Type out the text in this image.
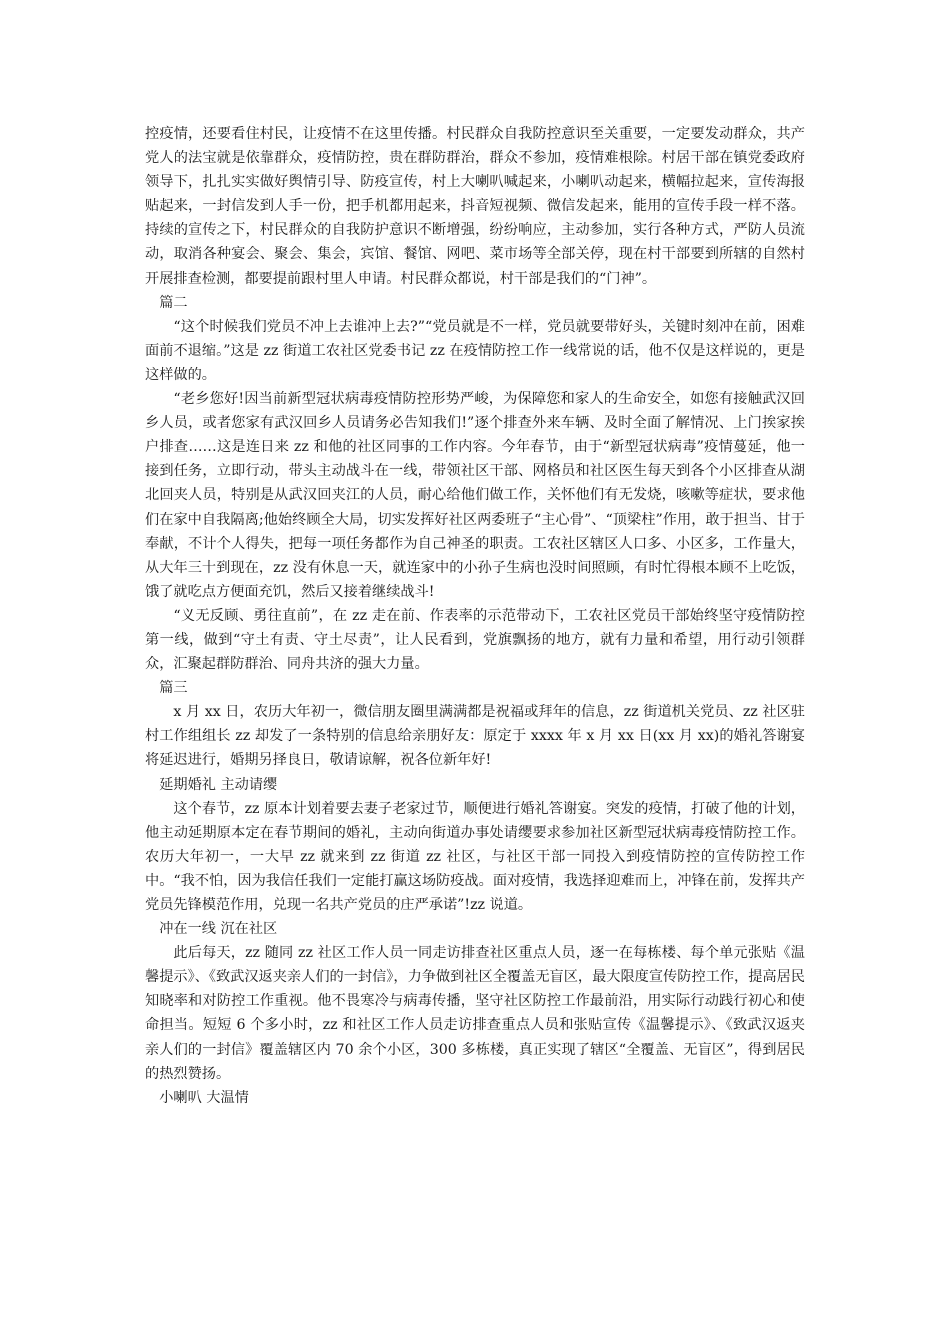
控疫情，还要看住村民，让疫情不在这里传播。村民群众自我防控意识至关重要，一定要发动群众，共产党人的法宝就是依靠群众，疫情防控，贵在群防群治，群众不参加，疫情难根除。村居干部在镇党委政府领导下，扎扎实实做好舆情引导、防疫宣传，村上大喇叭喊起来，小喇叭动起来，横幅拉起来，宣传海报贴起来，一封信发到人手一份，把手机都用起来，抖音短视频、微信发起来，能用的宣传手段一样不落。持续的宣传之下，村民群众的自我防护意识不断增强，纷纷响应，主动参加，实行各种方式，严防人员流动，取消各种宴会、聚会、集会，宾馆、餐馆、网吧、菜市场等全部关停，现在村干部要到所辖的自然村开展排查检测，都要提前跟村里人申请。村民群众都说，村干部是我们的“门神”。

篇二

“这个时候我们党员不冲上去谁冲上去?”“党员就是不一样，党员就要带好头，关键时刻冲在前，困难面前不退缩。”这是 zz 街道工农社区党委书记 zz 在疫情防控工作一线常说的话，他不仅是这样说的，更是这样做的。

“老乡您好!因当前新型冠状病毒疫情防控形势严峻，为保障您和家人的生命安全，如您有接触武汉回乡人员，或者您家有武汉回乡人员请务必告知我们!”逐个排查外来车辆、及时全面了解情况、上门挨家挨户排查……这是连日来 zz 和他的社区同事的工作内容。今年春节，由于“新型冠状病毒”疫情蔓延，他一接到任务，立即行动，带头主动战斗在一线，带领社区干部、网格员和社区医生每天到各个小区排查从湖北回夹人员，特别是从武汉回夹江的人员，耐心给他们做工作，关怀他们有无发烧，咳嗽等症状，要求他们在家中自我隔离;他始终顾全大局，切实发挥好社区两委班子“主心骨”、“顶梁柱”作用，敢于担当、甘于奉献，不计个人得失，把每一项任务都作为自己神圣的职责。工农社区辖区人口多、小区多，工作量大，从大年三十到现在，zz 没有休息一天，就连家中的小孙子生病也没时间照顾，有时忙得根本顾不上吃饭，饿了就吃点方便面充饥，然后又接着继续战斗!

“义无反顾、勇往直前”，在 zz 走在前、作表率的示范带动下，工农社区党员干部始终坚守疫情防控第一线，做到“守土有责、守土尽责”，让人民看到，党旗飘扬的地方，就有力量和希望，用行动引领群众，汇聚起群防群治、同舟共济的强大力量。

篇三

x 月 xx 日，农历大年初一，微信朋友圈里满满都是祝福或拜年的信息，zz 街道机关党员、zz 社区驻村工作组组长 zz 却发了一条特别的信息给亲朋好友：原定于 xxxx 年 x 月 xx 日(xx 月 xx)的婚礼答谢宴将延迟进行，婚期另择良日，敬请谅解，祝各位新年好!

延期婚礼 主动请缨

这个春节，zz 原本计划着要去妻子老家过节，顺便进行婚礼答谢宴。突发的疫情，打破了他的计划，他主动延期原本定在春节期间的婚礼，主动向街道办事处请缨要求参加社区新型冠状病毒疫情防控工作。农历大年初一，一大早 zz 就来到 zz 街道 zz 社区，与社区干部一同投入到疫情防控的宣传防控工作中。“我不怕，因为我信任我们一定能打赢这场防疫战。面对疫情，我选择迎难而上，冲锋在前，发挥共产党员先锋模范作用，兑现一名共产党员的庄严承诺”!zz 说道。

冲在一线 沉在社区

此后每天，zz 随同 zz 社区工作人员一同走访排查社区重点人员，逐一在每栋楼、每个单元张贴《温馨提示》、《致武汉返夹亲人们的一封信》，力争做到社区全覆盖无盲区，最大限度宣传防控工作，提高居民知晓率和对防控工作重视。他不畏寒冷与病毒传播，坚守社区防控工作最前沿，用实际行动践行初心和使命担当。短短 6 个多小时，zz 和社区工作人员走访排查重点人员和张贴宣传《温馨提示》、《致武汉返夹亲人们的一封信》覆盖辖区内 70 余个小区，300 多栋楼，真正实现了辖区“全覆盖、无盲区”，得到居民的热烈赞扬。

小喇叭 大温情
